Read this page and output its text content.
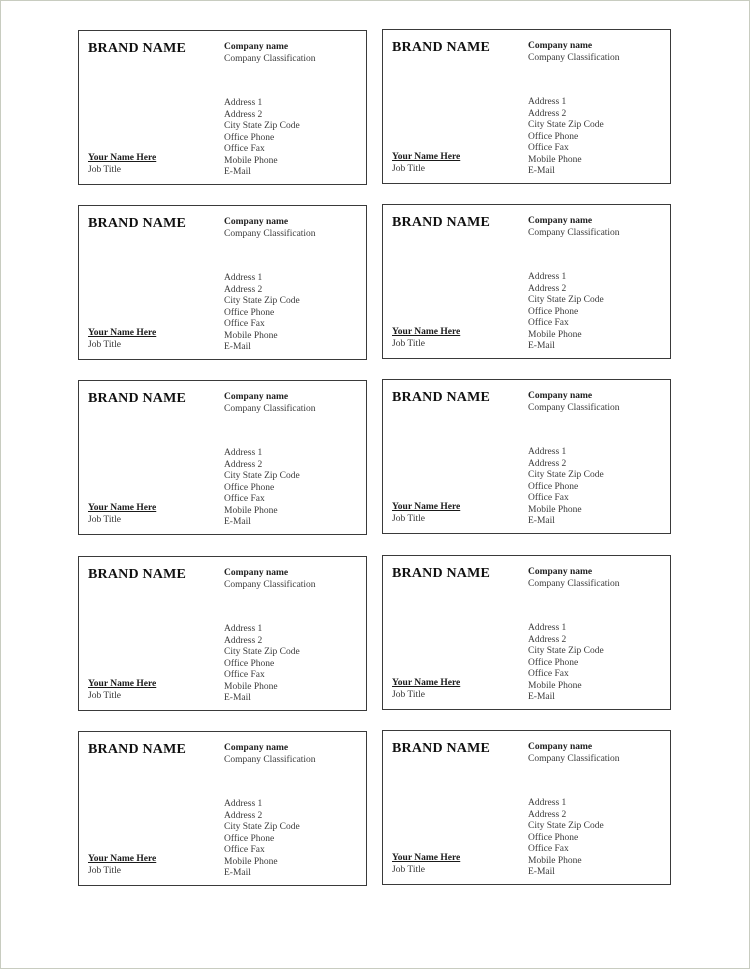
BRAND NAME	Company name
Company Classification
Address 1
Address 2
City State Zip Code
Office Phone
Office Fax
Mobile Phone
E-Mail
Your Name Here
Job Title
BRAND NAME	Company name
Company Classification
Address 1
Address 2
City State Zip Code
Office Phone
Office Fax
Mobile Phone
E-Mail
Your Name Here
Job Title
BRAND NAME	Company name
Company Classification
Address 1
Address 2
City State Zip Code
Office Phone
Office Fax
Mobile Phone
E-Mail
Your Name Here
Job Title
BRAND NAME	Company name
Company Classification
Address 1
Address 2
City State Zip Code
Office Phone
Office Fax
Mobile Phone
E-Mail
Your Name Here
Job Title
BRAND NAME	Company name
Company Classification
Address 1
Address 2
City State Zip Code
Office Phone
Office Fax
Mobile Phone
E-Mail
Your Name Here
Job Title
BRAND NAME	Company name
Company Classification
Address 1
Address 2
City State Zip Code
Office Phone
Office Fax
Mobile Phone
E-Mail
Your Name Here
Job Title
BRAND NAME	Company name
Company Classification
Address 1
Address 2
City State Zip Code
Office Phone
Office Fax
Mobile Phone
E-Mail
Your Name Here
Job Title
BRAND NAME	Company name
Company Classification
Address 1
Address 2
City State Zip Code
Office Phone
Office Fax
Mobile Phone
E-Mail
Your Name Here
Job Title
BRAND NAME	Company name
Company Classification
Address 1
Address 2
City State Zip Code
Office Phone
Office Fax
Mobile Phone
E-Mail
Your Name Here
Job Title
BRAND NAME	Company name
Company Classification
Address 1
Address 2
City State Zip Code
Office Phone
Office Fax
Mobile Phone
E-Mail
Your Name Here
Job Title
